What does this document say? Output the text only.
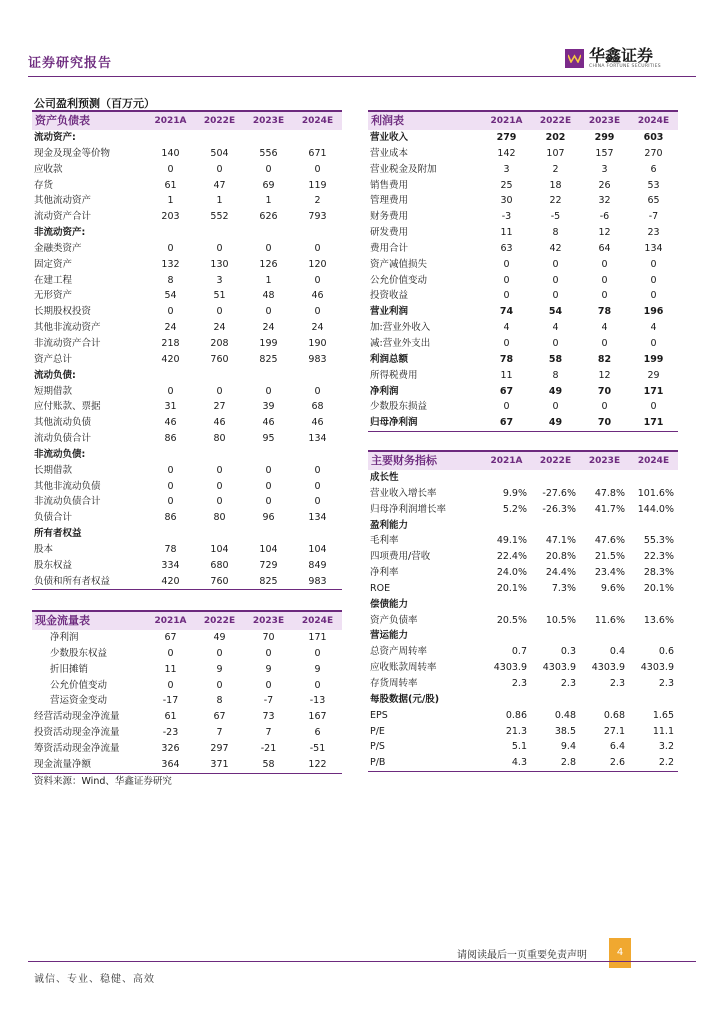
证券研究报告	华鑫证券
CHINA FORTUNE SECURITIES
公司盈利预测（百万元）
资产负债表	2021A	2022E	2023E	2024E
流动资产:				
现金及现金等价物	140	504	556	671
应收款	0	0	0	0
存货	61	47	69	119
其他流动资产	1	1	1	2
流动资产合计	203	552	626	793
非流动资产:				
金融类资产	0	0	0	0
固定资产	132	130	126	120
在建工程	8	3	1	0
无形资产	54	51	48	46
长期股权投资	0	0	0	0
其他非流动资产	24	24	24	24
非流动资产合计	218	208	199	190
资产总计	420	760	825	983
流动负债:				
短期借款	0	0	0	0
应付账款、票据	31	27	39	68
其他流动负债	46	46	46	46
流动负债合计	86	80	95	134
非流动负债:				
长期借款	0	0	0	0
其他非流动负债	0	0	0	0
非流动负债合计	0	0	0	0
负债合计	86	80	96	134
所有者权益				
股本	78	104	104	104
股东权益	334	680	729	849
负债和所有者权益	420	760	825	983
现金流量表	2021A	2022E	2023E	2024E
净利润	67	49	70	171
少数股东权益	0	0	0	0
折旧摊销	11	9	9	9
公允价值变动	0	0	0	0
营运资金变动	-17	8	-7	-13
经营活动现金净流量	61	67	73	167
投资活动现金净流量	-23	7	7	6
筹资活动现金净流量	326	297	-21	-51
现金流量净额	364	371	58	122
利润表	2021A	2022E	2023E	2024E
营业收入	279	202	299	603
营业成本	142	107	157	270
营业税金及附加	3	2	3	6
销售费用	25	18	26	53
管理费用	30	22	32	65
财务费用	-3	-5	-6	-7
研发费用	11	8	12	23
费用合计	63	42	64	134
资产减值损失	0	0	0	0
公允价值变动	0	0	0	0
投资收益	0	0	0	0
营业利润	74	54	78	196
加:营业外收入	4	4	4	4
减:营业外支出	0	0	0	0
利润总额	78	58	82	199
所得税费用	11	8	12	29
净利润	67	49	70	171
少数股东损益	0	0	0	0
归母净利润	67	49	70	171
主要财务指标	2021A	2022E	2023E	2024E
成长性				
营业收入增长率	9.9%	-27.6%	47.8%	101.6%
归母净利润增长率	5.2%	-26.3%	41.7%	144.0%
盈利能力				
毛利率	49.1%	47.1%	47.6%	55.3%
四项费用/营收	22.4%	20.8%	21.5%	22.3%
净利率	24.0%	24.4%	23.4%	28.3%
ROE	20.1%	7.3%	9.6%	20.1%
偿债能力				
资产负债率	20.5%	10.5%	11.6%	13.6%
营运能力				
总资产周转率	0.7	0.3	0.4	0.6
应收账款周转率	4303.9	4303.9	4303.9	4303.9
存货周转率	2.3	2.3	2.3	2.3
每股数据(元/股)				
EPS	0.86	0.48	0.68	1.65
P/E	21.3	38.5	27.1	11.1
P/S	5.1	9.4	6.4	3.2
P/B	4.3	2.8	2.6	2.2
资料来源：Wind、华鑫证券研究
请阅读最后一页重要免责声明	4
诚信、专业、稳健、高效
